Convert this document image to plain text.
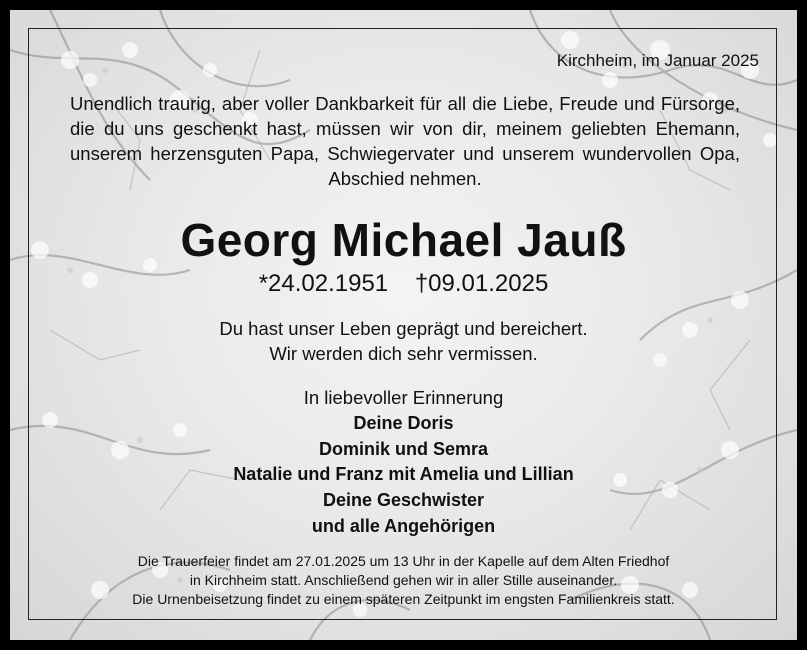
Kirchheim, im Januar 2025
Unendlich traurig, aber voller Dankbarkeit für all die Liebe, Freude und Fürsorge, die du uns geschenkt hast, müssen wir von dir, meinem geliebten Ehemann, unserem herzensguten Papa, Schwiegervater und unserem wundervollen Opa, Abschied nehmen.
Georg Michael Jauß
*24.02.1951 †09.01.2025
Du hast unser Leben geprägt und bereichert.
Wir werden dich sehr vermissen.
In liebevoller Erinnerung
Deine Doris
Dominik und Semra
Natalie und Franz mit Amelia und Lillian
Deine Geschwister
und alle Angehörigen
Die Trauerfeier findet am 27.01.2025 um 13 Uhr in der Kapelle auf dem Alten Friedhof
in Kirchheim statt. Anschließend gehen wir in aller Stille auseinander.
Die Urnenbeisetzung findet zu einem späteren Zeitpunkt im engsten Familienkreis statt.
